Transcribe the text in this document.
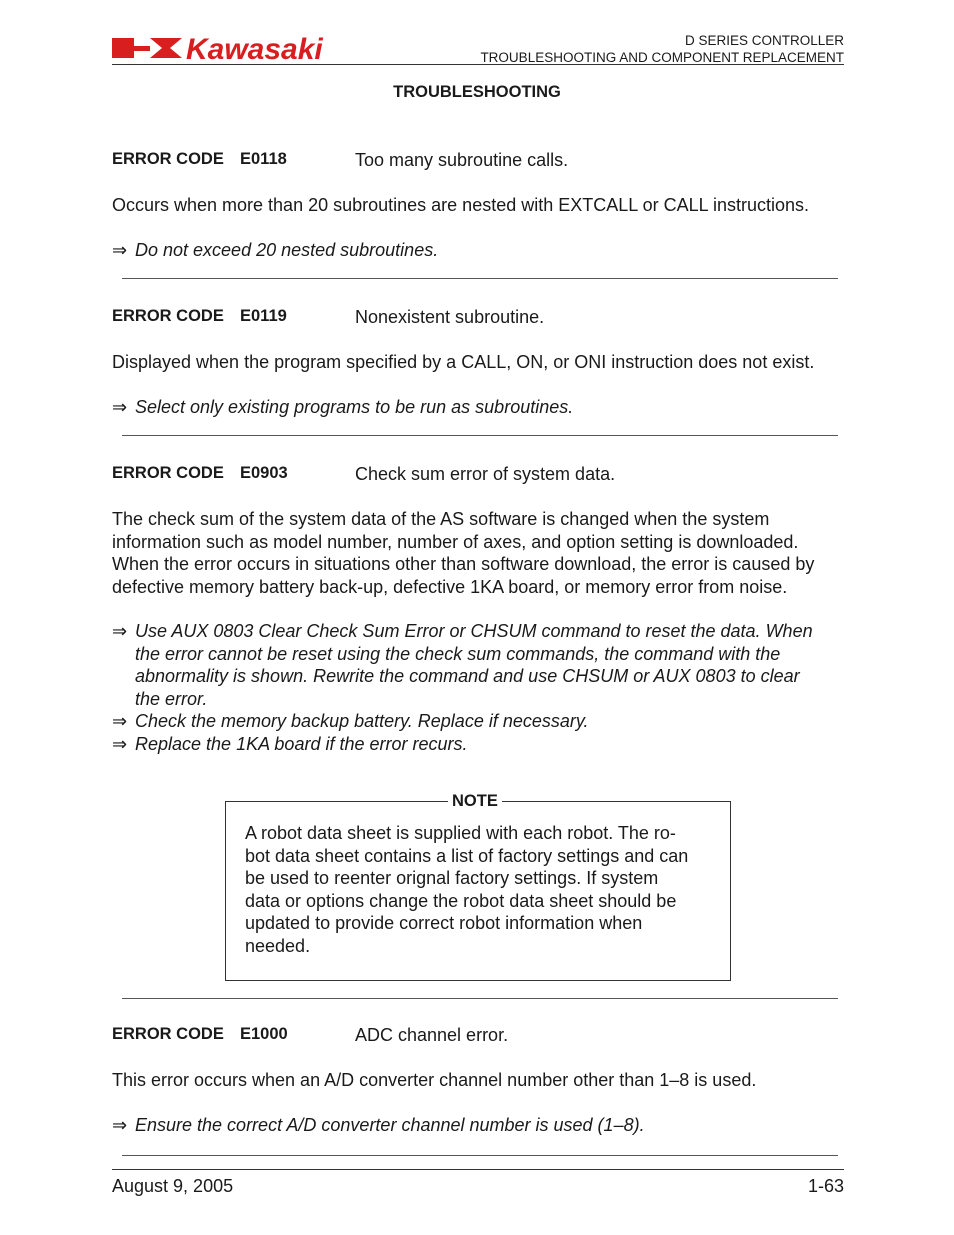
Kawasaki	D SERIES CONTROLLER
TROUBLESHOOTING AND COMPONENT REPLACEMENT
TROUBLESHOOTING
ERROR CODE E0118	Too many subroutine calls.
Occurs when more than 20 subroutines are nested with EXTCALL or CALL instructions.
⇒ Do not exceed 20 nested subroutines.
ERROR CODE E0119	Nonexistent subroutine.
Displayed when the program specified by a CALL, ON, or ONI instruction does not exist.
⇒ Select only existing programs to be run as subroutines.
ERROR CODE E0903	Check sum error of system data.
The check sum of the system data of the AS software is changed when the system
information such as model number, number of axes, and option setting is downloaded.
When the error occurs in situations other than software download, the error is caused by
defective memory battery back-up, defective 1KA board, or memory error from noise.
⇒ Use AUX 0803 Clear Check Sum Error or CHSUM command to reset the data. When
the error cannot be reset using the check sum commands, the command with the
abnormality is shown. Rewrite the command and use CHSUM or AUX 0803 to clear
the error.
⇒ Check the memory backup battery. Replace if necessary.
⇒ Replace the 1KA board if the error recurs.
NOTE
A robot data sheet is supplied with each robot. The ro-
bot data sheet contains a list of factory settings and can
be used to reenter orignal factory settings. If system
data or options change the robot data sheet should be
updated to provide correct robot information when
needed.
ERROR CODE E1000	ADC channel error.
This error occurs when an A/D converter channel number other than 1–8 is used.
⇒ Ensure the correct A/D converter channel number is used (1–8).
August 9, 2005	1-63
